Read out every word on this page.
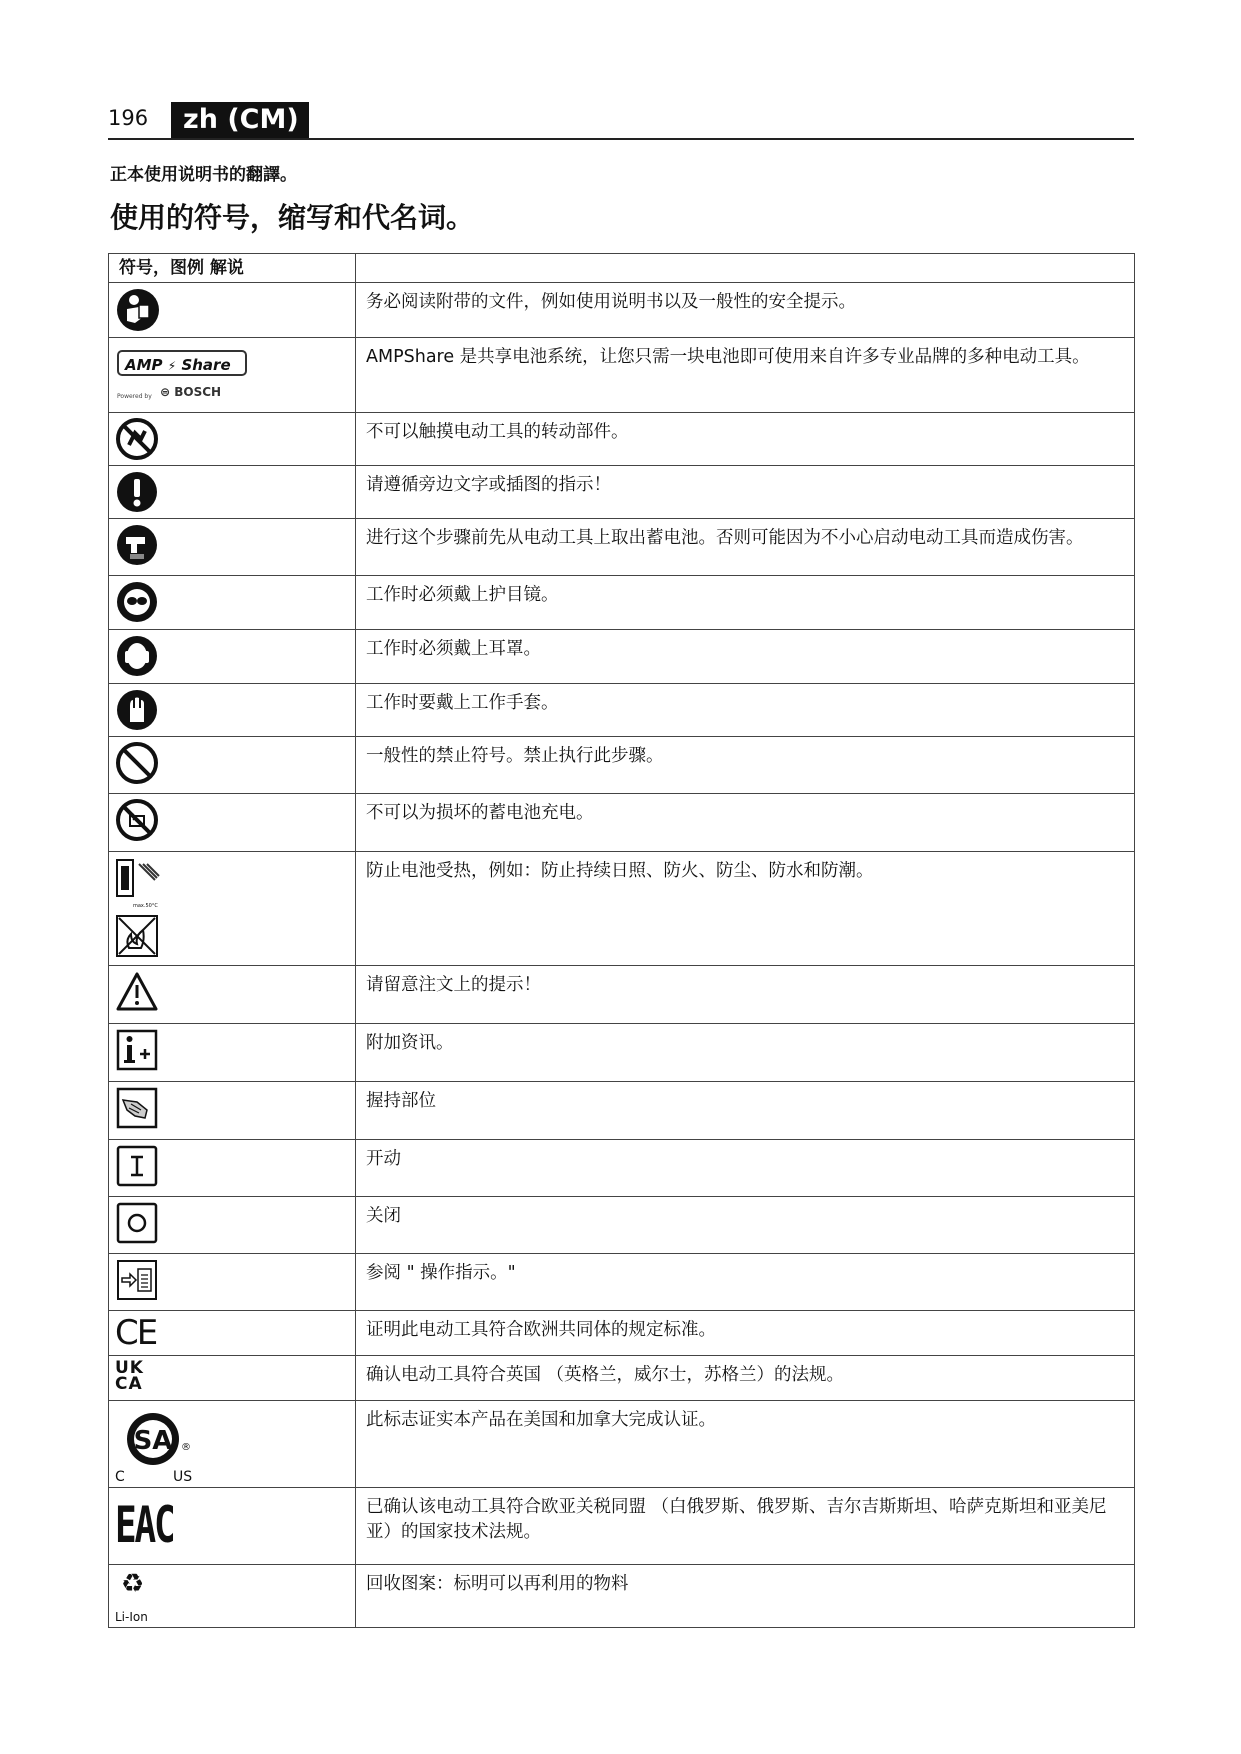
196	zh (CM)
正本使用说明书的翻譯。
使用的符号，缩写和代名词。
符号，图例 解说	

	务必阅读附带的文件，例如使用说明书以及一般性的安全提示。

AMP ⚡ Share
Powered by ⊜ BOSCH	AMPShare 是共享电池系统，让您只需一块电池即可使用来自许多专业品牌的多种电动工具。

	不可以触摸电动工具的转动部件。

	请遵循旁边文字或插图的指示！

	进行这个步骤前先从电动工具上取出蓄电池。否则可能因为不小心启动电动工具而造成伤害。

	工作时必须戴上护目镜。

	工作时必须戴上耳罩。

	工作时要戴上工作手套。

	一般性的禁止符号。禁止执行此步骤。

	不可以为损坏的蓄电池充电。

max.50°C	防止电池受热，例如：防止持续日照、防火、防尘、防水和防潮。

	请留意注文上的提示！

	附加资讯。

	握持部位

	开动

	关闭

	参阅 " 操作指示。"

CE	证明此电动工具符合欧洲共同体的规定标准。

UK
CA	确认电动工具符合英国 （英格兰，威尔士，苏格兰）的法规。

SA
C US
®	此标志证实本产品在美国和加拿大完成认证。

EAC	已确认该电动工具符合欧亚关税同盟 （白俄罗斯、俄罗斯、吉尔吉斯斯坦、哈萨克斯坦和亚美尼亚）的国家技术法规。

♻
Li-Ion	回收图案：标明可以再利用的物料
